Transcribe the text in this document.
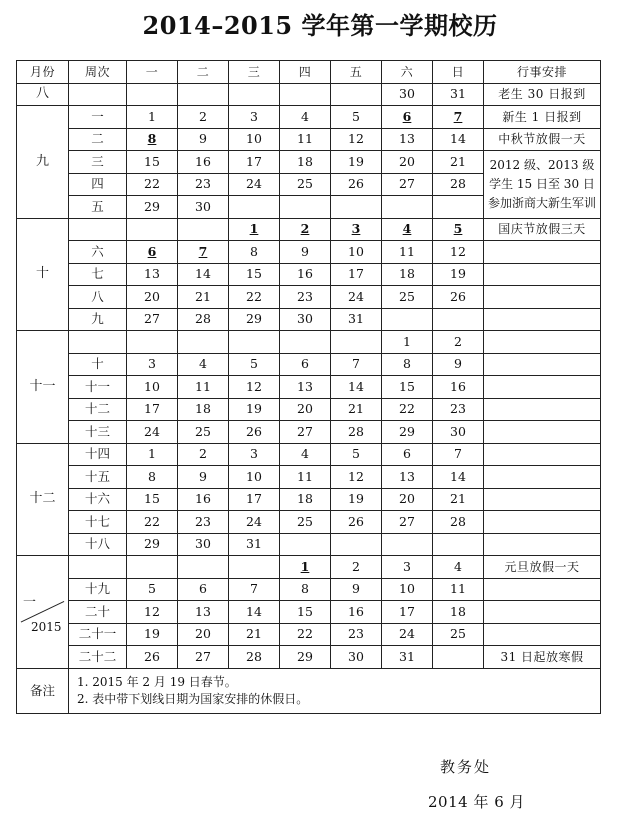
2014–2015 学年第一学期校历
月份	周次	一	二	三	四	五	六	日	行事安排
八							30	31	老生 30 日报到
九	一	1	2	3	4	5	6	7	新生 1 日报到
	二	8	9	10	11	12	13	14	中秋节放假一天
	三	15	16	17	18	19	20	21	2012 级、2013 级学生 15 日至 30 日参加浙商大新生军训
	四	22	23	24	25	26	27	28	
	五	29	30						
十				1	2	3	4	5	国庆节放假三天
	六	6	7	8	9	10	11	12	
	七	13	14	15	16	17	18	19	
	八	20	21	22	23	24	25	26	
	九	27	28	29	30	31			
十一							1	2	
	十	3	4	5	6	7	8	9	
	十一	10	11	12	13	14	15	16	
	十二	17	18	19	20	21	22	23	
	十三	24	25	26	27	28	29	30	
十二	十四	1	2	3	4	5	6	7	
	十五	8	9	10	11	12	13	14	
	十六	15	16	17	18	19	20	21	
	十七	22	23	24	25	26	27	28	
	十八	29	30	31					

一
2015					1	2	3	4	元旦放假一天
	十九	5	6	7	8	9	10	11	
	二十	12	13	14	15	16	17	18	
	二十一	19	20	21	22	23	24	25	
	二十二	26	27	28	29	30	31		31 日起放寒假
备注	1. 2015 年 2 月 19 日春节。
2. 表中带下划线日期为国家安排的休假日。								
教务处
2014 年 6 月
